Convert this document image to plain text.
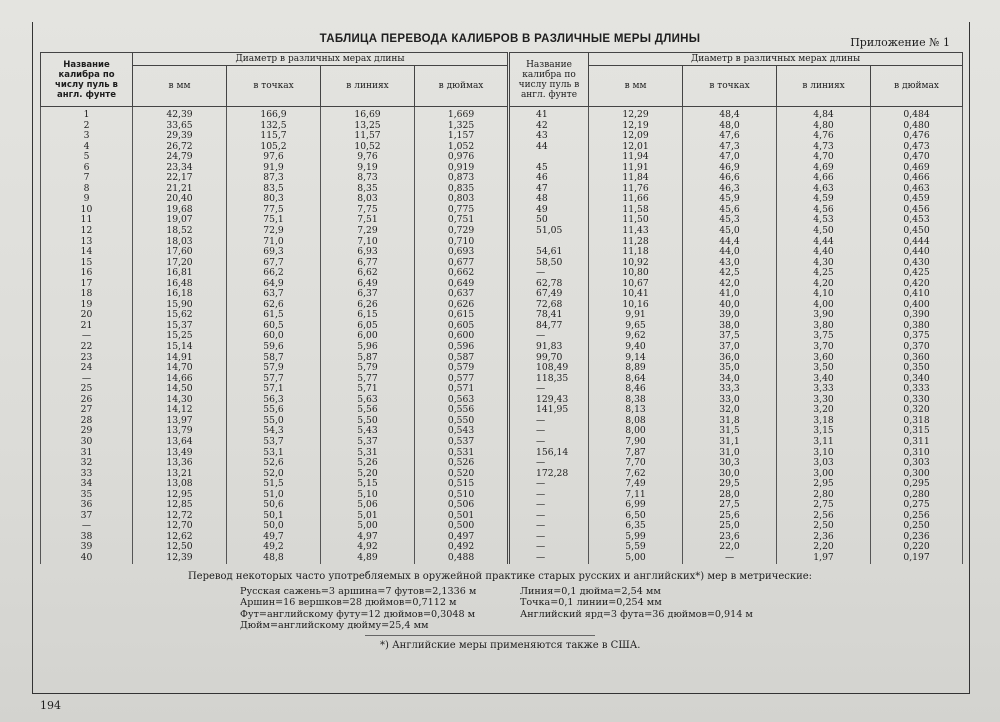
ТАБЛИЦА ПЕРЕВОДА КАЛИБРОВ В РАЗЛИЧНЫЕ МЕРЫ ДЛИНЫ	Приложение № 1
Название калибра по числу пуль в англ. фунте	Диаметр в различных мерах длины				Название калибра по числу пуль в англ. фунте	Диаметр в различных мерах длины			
	в мм	в точках	в линиях	в дюймах		в мм	в точках	в линиях	в дюймах
1	42,39	166,9	16,69	1,669	41	12,29	48,4	4,84	0,484
2	33,65	132,5	13,25	1,325	42	12,19	48,0	4,80	0,480
3	29,39	115,7	11,57	1,157	43	12,09	47,6	4,76	0,476
4	26,72	105,2	10,52	1,052	44	12,01	47,3	4,73	0,473
5	24,79	97,6	9,76	0,976		11,94	47,0	4,70	0,470
6	23,34	91,9	9,19	0,919	45	11,91	46,9	4,69	0,469
7	22,17	87,3	8,73	0,873	46	11,84	46,6	4,66	0,466
8	21,21	83,5	8,35	0,835	47	11,76	46,3	4,63	0,463
9	20,40	80,3	8,03	0,803	48	11,66	45,9	4,59	0,459
10	19,68	77,5	7,75	0,775	49	11,58	45,6	4,56	0,456
11	19,07	75,1	7,51	0,751	50	11,50	45,3	4,53	0,453
12	18,52	72,9	7,29	0,729	51,05	11,43	45,0	4,50	0,450
13	18,03	71,0	7,10	0,710		11,28	44,4	4,44	0,444
14	17,60	69,3	6,93	0,693	54,61	11,18	44,0	4,40	0,440
15	17,20	67,7	6,77	0,677	58,50	10,92	43,0	4,30	0,430
16	16,81	66,2	6,62	0,662	—	10,80	42,5	4,25	0,425
17	16,48	64,9	6,49	0,649	62,78	10,67	42,0	4,20	0,420
18	16,18	63,7	6,37	0,637	67,49	10,41	41,0	4,10	0,410
19	15,90	62,6	6,26	0,626	72,68	10,16	40,0	4,00	0,400
20	15,62	61,5	6,15	0,615	78,41	9,91	39,0	3,90	0,390
21	15,37	60,5	6,05	0,605	84,77	9,65	38,0	3,80	0,380
—	15,25	60,0	6,00	0,600	—	9,62	37,5	3,75	0,375
22	15,14	59,6	5,96	0,596	91,83	9,40	37,0	3,70	0,370
23	14,91	58,7	5,87	0,587	99,70	9,14	36,0	3,60	0,360
24	14,70	57,9	5,79	0,579	108,49	8,89	35,0	3,50	0,350
—	14,66	57,7	5,77	0,577	118,35	8,64	34,0	3,40	0,340
25	14,50	57,1	5,71	0,571	—	8,46	33,3	3,33	0,333
26	14,30	56,3	5,63	0,563	129,43	8,38	33,0	3,30	0,330
27	14,12	55,6	5,56	0,556	141,95	8,13	32,0	3,20	0,320
28	13,97	55,0	5,50	0,550	—	8,08	31,8	3,18	0,318
29	13,79	54,3	5,43	0,543	—	8,00	31,5	3,15	0,315
30	13,64	53,7	5,37	0,537	—	7,90	31,1	3,11	0,311
31	13,49	53,1	5,31	0,531	156,14	7,87	31,0	3,10	0,310
32	13,36	52,6	5,26	0,526	—	7,70	30,3	3,03	0,303
33	13,21	52,0	5,20	0,520	172,28	7,62	30,0	3,00	0,300
34	13,08	51,5	5,15	0,515	—	7,49	29,5	2,95	0,295
35	12,95	51,0	5,10	0,510	—	7,11	28,0	2,80	0,280
36	12,85	50,6	5,06	0,506	—	6,99	27,5	2,75	0,275
37	12,72	50,1	5,01	0,501	—	6,50	25,6	2,56	0,256
—	12,70	50,0	5,00	0,500	—	6,35	25,0	2,50	0,250
38	12,62	49,7	4,97	0,497	—	5,99	23,6	2,36	0,236
39	12,50	49,2	4,92	0,492	—	5,59	22,0	2,20	0,220
40	12,39	48,8	4,89	0,488	—	5,00	—	1,97	0,197
Перевод некоторых часто употребляемых в оружейной практике старых русских и английских*) мер в метрические:
Русская сажень=3 аршина=7 футов=2,1336 м
Аршин=16 вершков=28 дюймов=0,7112 м
Фут=английскому футу=12 дюймов=0,3048 м
Дюйм=английскому дюйму=25,4 мм
Линия=0,1 дюйма=2,54 мм
Точка=0,1 линии=0,254 мм
Английский ярд=3 фута=36 дюймов=0,914 м
*) Английские меры применяются также в США.
194
